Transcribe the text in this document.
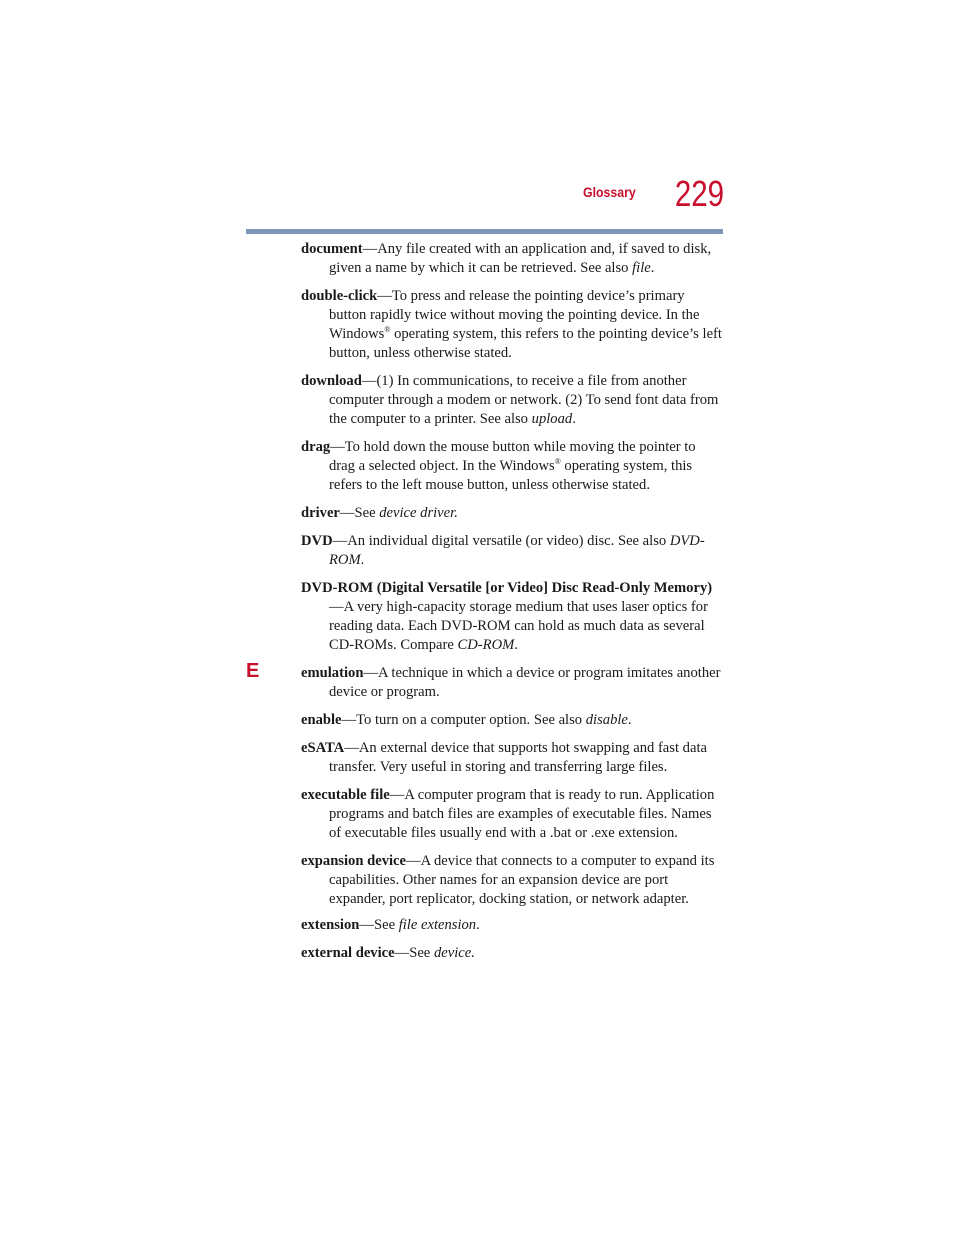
Glossary 229
E

document—Any file created with an application and, if saved to disk, given a name by which it can be retrieved. See also file.

double-click—To press and release the pointing device’s primary button rapidly twice without moving the pointing device. In the Windows® operating system, this refers to the pointing device’s left button, unless otherwise stated.

download—(1) In communications, to receive a file from another computer through a modem or network. (2) To send font data from the computer to a printer. See also upload.

drag—To hold down the mouse button while moving the pointer to drag a selected object. In the Windows® operating system, this refers to the left mouse button, unless otherwise stated.

driver—See device driver.

DVD—An individual digital versatile (or video) disc. See also DVD-ROM.

DVD-ROM (Digital Versatile [or Video] Disc Read-Only Memory)—A very high-capacity storage medium that uses laser optics for reading data. Each DVD-ROM can hold as much data as several CD-ROMs. Compare CD-ROM.

emulation—A technique in which a device or program imitates another device or program.

enable—To turn on a computer option. See also disable.

eSATA—An external device that supports hot swapping and fast data transfer. Very useful in storing and transferring large files.

executable file—A computer program that is ready to run. Application programs and batch files are examples of executable files. Names of executable files usually end with a .bat or .exe extension.

expansion device—A device that connects to a computer to expand its capabilities. Other names for an expansion device are port expander, port replicator, docking station, or network adapter.

extension—See file extension.

external device—See device.
